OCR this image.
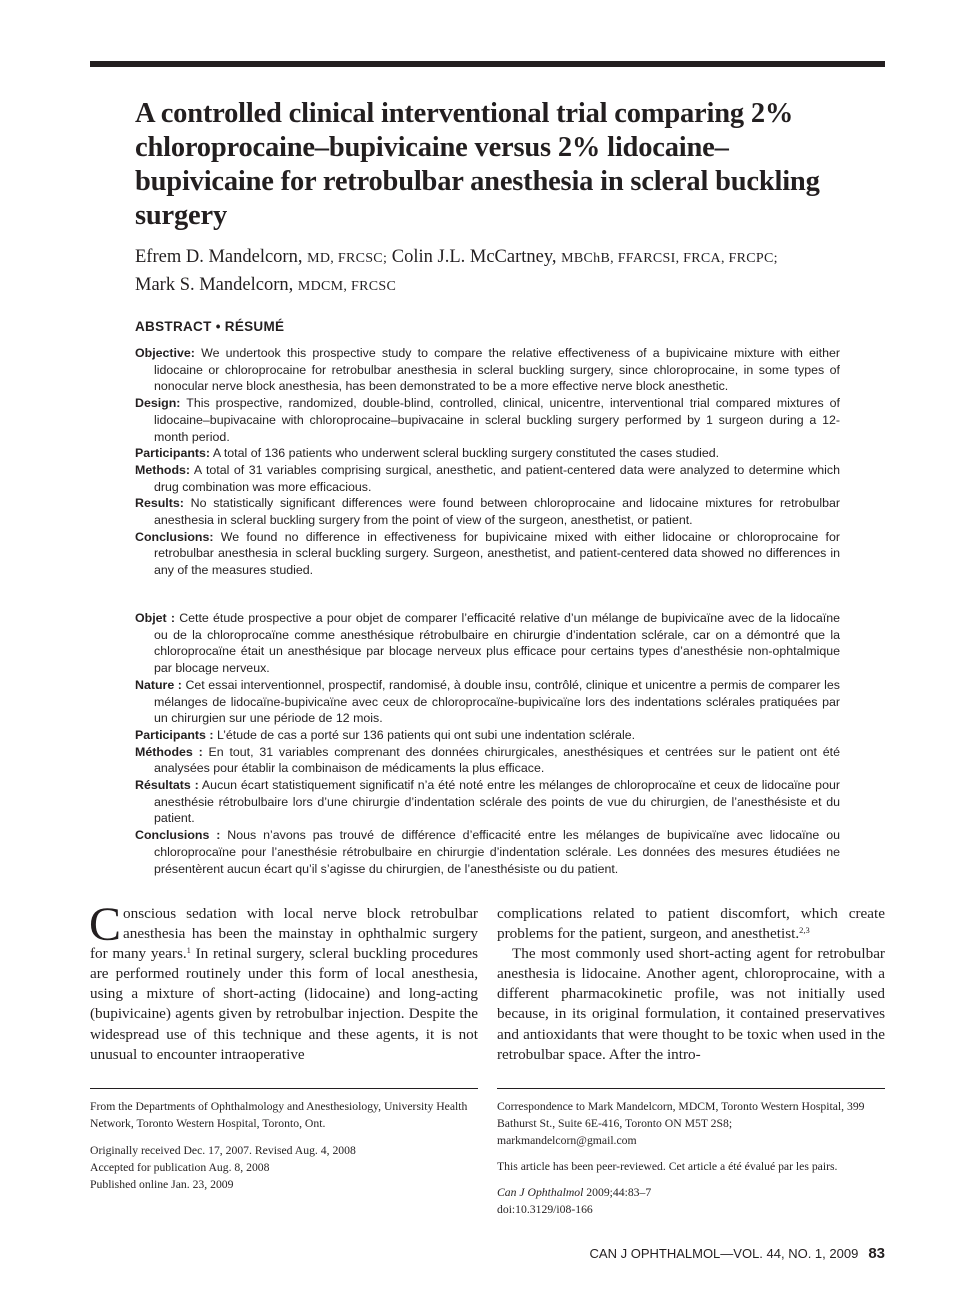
A controlled clinical interventional trial comparing 2% chloroprocaine–bupivicaine versus 2% lidocaine–bupivicaine for retrobulbar anesthesia in scleral buckling surgery
Efrem D. Mandelcorn, MD, FRCSC; Colin J.L. McCartney, MBChB, FFARCSI, FRCA, FRCPC;
Mark S. Mandelcorn, MDCM, FRCSC
ABSTRACT • RÉSUMÉ

Objective: We undertook this prospective study to compare the relative effectiveness of a bupivicaine mixture with either lidocaine or chloroprocaine for retrobulbar anesthesia in scleral buckling surgery, since chloroprocaine, in some types of nonocular nerve block anesthesia, has been demonstrated to be a more effective nerve block anesthetic.

Design: This prospective, randomized, double-blind, controlled, clinical, unicentre, interventional trial compared mixtures of lidocaine–bupivacaine with chloroprocaine–bupivacaine in scleral buckling surgery performed by 1 surgeon during a 12-month period.

Participants: A total of 136 patients who underwent scleral buckling surgery constituted the cases studied.

Methods: A total of 31 variables comprising surgical, anesthetic, and patient-centered data were analyzed to determine which drug combination was more efficacious.

Results: No statistically significant differences were found between chloroprocaine and lidocaine mixtures for retrobulbar anesthesia in scleral buckling surgery from the point of view of the surgeon, anesthetist, or patient.

Conclusions: We found no difference in effectiveness for bupivicaine mixed with either lidocaine or chloroprocaine for retrobulbar anesthesia in scleral buckling surgery. Surgeon, anesthetist, and patient-centered data showed no differences in any of the measures studied.

Objet : Cette étude prospective a pour objet de comparer l’efficacité relative d’un mélange de bupivicaïne avec de la lidocaïne ou de la chloroprocaïne comme anesthésique rétrobulbaire en chirurgie d’indentation sclérale, car on a démontré que la chloroprocaïne était un anesthésique par blocage nerveux plus efficace pour certains types d’anesthésie non-ophtalmique par blocage nerveux.

Nature : Cet essai interventionnel, prospectif, randomisé, à double insu, contrôlé, clinique et unicentre a permis de comparer les mélanges de lidocaïne-bupivicaïne avec ceux de chloroprocaïne-bupivicaïne lors des indentations sclérales pratiquées par un chirurgien sur une période de 12 mois.

Participants : L’étude de cas a porté sur 136 patients qui ont subi une indentation sclérale.

Méthodes : En tout, 31 variables comprenant des données chirurgicales, anesthésiques et centrées sur le patient ont été analysées pour établir la combinaison de médicaments la plus efficace.

Résultats : Aucun écart statistiquement significatif n’a été noté entre les mélanges de chloroprocaïne et ceux de lidocaïne pour anesthésie rétrobulbaire lors d’une chirurgie d’indentation sclérale des points de vue du chirurgien, de l’anesthésiste et du patient.

Conclusions : Nous n’avons pas trouvé de différence d’efficacité entre les mélanges de bupivicaïne avec lidocaïne ou chloroprocaïne pour l’anesthésie rétrobulbaire en chirurgie d’indentation sclérale. Les données des mesures étudiées ne présentèrent aucun écart qu’il s’agisse du chirurgien, de l’anesthésiste ou du patient.

Conscious sedation with local nerve block retrobulbar anesthesia has been the mainstay in ophthalmic surgery for many years.$^1$ In retinal surgery, scleral buckling procedures are performed routinely under this form of local anesthesia, using a mixture of short-acting (lidocaine) and long-acting (bupivicaine) agents given by retrobulbar injection. Despite the widespread use of this technique and these agents, it is not unusual to encounter intraoperative

complications related to patient discomfort, which create problems for the patient, surgeon, and anesthetist.$^{2,3}$

The most commonly used short-acting agent for retrobulbar anesthesia is lidocaine. Another agent, chloroprocaine, with a different pharmacokinetic profile, was not initially used because, in its original formulation, it contained preservatives and antioxidants that were thought to be toxic when used in the retrobulbar space. After the intro-

From the Departments of Ophthalmology and Anesthesiology, University Health Network, Toronto Western Hospital, Toronto, Ont.

Originally received Dec. 17, 2007. Revised Aug. 4, 2008
Accepted for publication Aug. 8, 2008
Published online Jan. 23, 2009

Correspondence to Mark Mandelcorn, MDCM, Toronto Western Hospital, 399 Bathurst St., Suite 6E-416, Toronto ON M5T 2S8;
markmandelcorn@gmail.com

This article has been peer-reviewed. Cet article a été évalué par les pairs.

Can J Ophthalmol 2009;44:83–7
doi:10.3129/i08-166
CAN J OPHTHALMOL—VOL. 44, NO. 1, 2009 83
